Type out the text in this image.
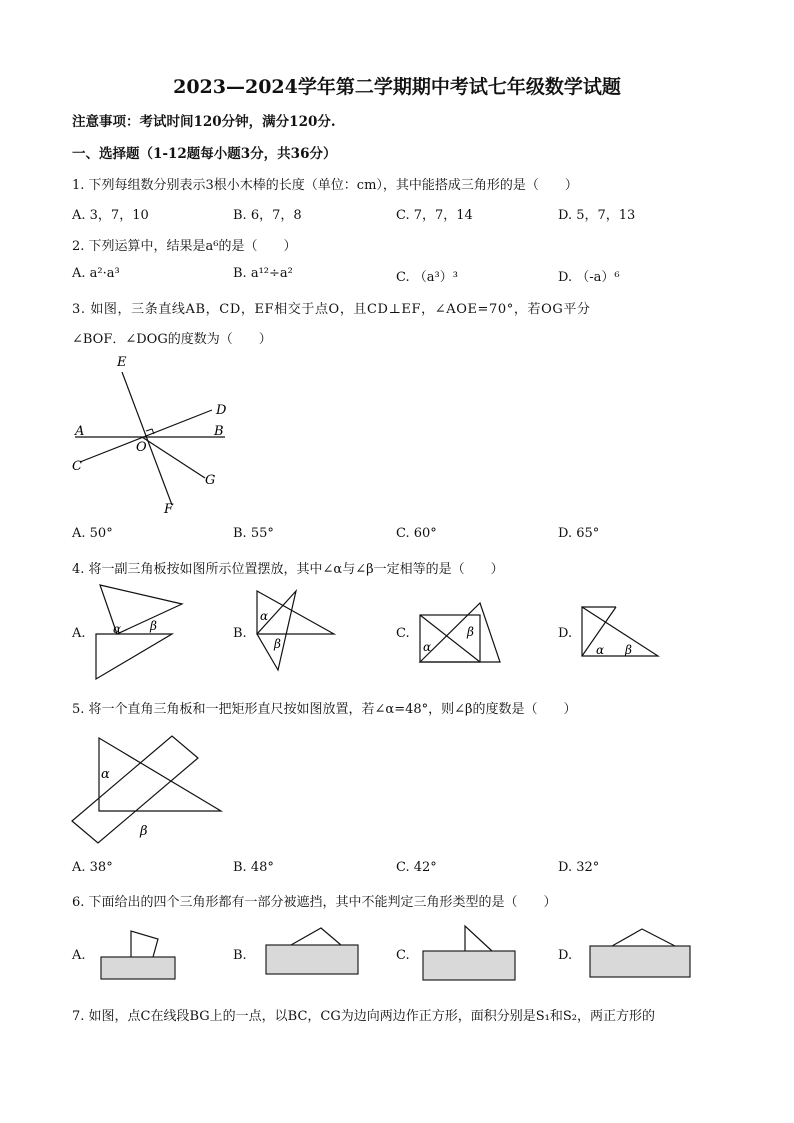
2023—2024学年第二学期期中考试七年级数学试题
注意事项：考试时间120分钟，满分120分.
一、选择题（1-12题每小题3分，共36分）
1. 下列每组数分别表示3根小木棒的长度（单位：cm），其中能搭成三角形的是（　　）
A. 3，7，10	B. 6，7，8	C. 7，7，14	D. 5，7，13
2. 下列运算中，结果是a⁶的是（　　）
A. a²·a³	B. a¹²÷a²	C. （a³）³	D. （-a）⁶
3. 如图，三条直线AB，CD，EF相交于点O，且CD⊥EF，∠AOE=70°，若OG平分
∠BOF．∠DOG的度数为（　　）
E
D
A	B
O
C
G
F
A. 50°	B. 55°	C. 60°	D. 65°
4. 将一副三角板按如图所示位置摆放，其中∠α与∠β一定相等的是（　　）
A. α β	B.
α
β
C.
α
β	D.
α β
5. 将一个直角三角板和一把矩形直尺按如图放置，若∠α=48°，则∠β的度数是（　　）
α
β
A. 38°	B. 48°	C. 42°	D. 32°
6. 下面给出的四个三角形都有一部分被遮挡，其中不能判定三角形类型的是（　　）
A.	B.	C.	D.
7. 如图，点C在线段BG上的一点，以BC，CG为边向两边作正方形，面积分别是S₁和S₂，两正方形的
